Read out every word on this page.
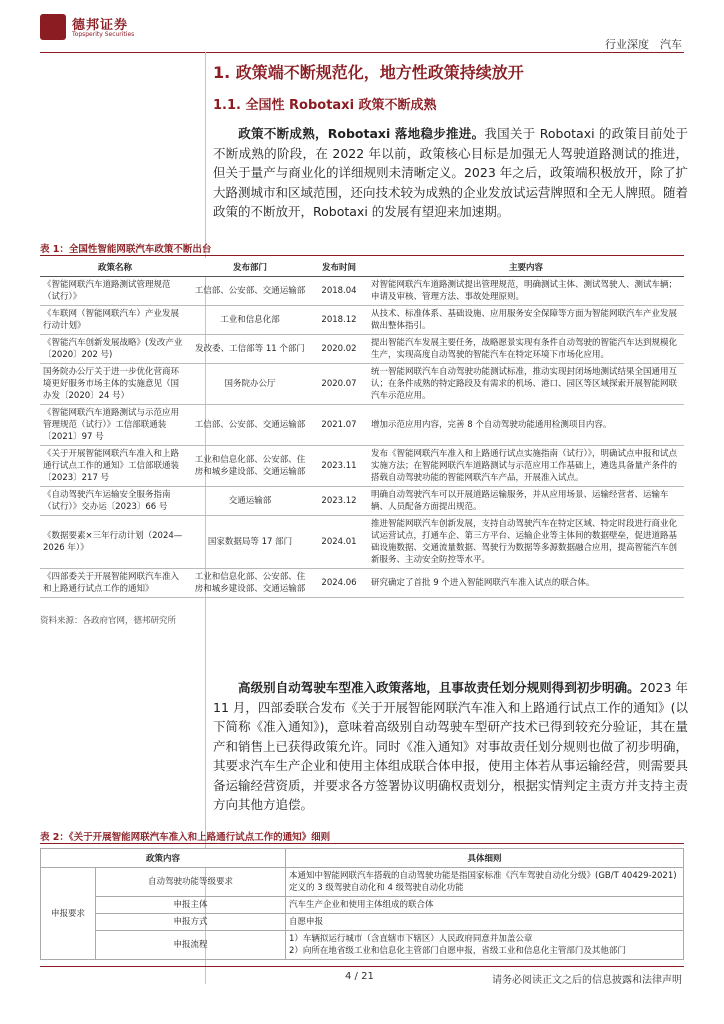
德邦证券
Topsperity Securities
行业深度　汽车
1. 政策端不断规范化，地方性政策持续放开
1.1. 全国性 Robotaxi 政策不断成熟
政策不断成熟，Robotaxi 落地稳步推进。我国关于 Robotaxi 的政策目前处于不断成熟的阶段，在 2022 年以前，政策核心目标是加强无人驾驶道路测试的推进，但关于量产与商业化的详细规则未清晰定义。2023 年之后，政策端积极放开，除了扩大路测城市和区域范围，还向技术较为成熟的企业发放试运营牌照和全无人牌照。随着政策的不断放开，Robotaxi 的发展有望迎来加速期。
表 1：全国性智能网联汽车政策不断出台
政策名称	发布部门	发布时间	主要内容
《智能网联汽车道路测试管理规范（试行）》	工信部、公安部、交通运输部	2018.04	对智能网联汽车道路测试提出管理规范，明确测试主体、测试驾驶人、测试车辆；申请及审核、管理方法、事故处理原则。
《车联网（智能网联汽车）产业发展行动计划》	工业和信息化部	2018.12	从技术、标准体系、基础设施、应用服务安全保障等方面为智能网联汽车产业发展做出整体指引。
《智能汽车创新发展战略》(发改产业〔2020〕202 号)	发改委、工信部等 11 个部门	2020.02	提出智能汽车发展主要任务，战略愿景实现有条件自动驾驶的智能汽车达到规模化生产，实现高度自动驾驶的智能汽车在特定环境下市场化应用。
国务院办公厅关于进一步优化营商环境更好服务市场主体的实施意见（国办发〔2020〕24 号）	国务院办公厅	2020.07	统一智能网联汽车自动驾驶功能测试标准，推动实现封闭场地测试结果全国通用互认；在条件成熟的特定路段及有需求的机场、港口、园区等区域探索开展智能网联汽车示范应用。
《智能网联汽车道路测试与示范应用管理规范（试行）》工信部联通装〔2021〕97 号	工信部、公安部、交通运输部	2021.07	增加示范应用内容，完善 8 个自动驾驶功能通用检测项目内容。
《关于开展智能网联汽车准入和上路通行试点工作的通知》工信部联通装〔2023〕217 号	工业和信息化部、公安部、住房和城乡建设部、交通运输部	2023.11	发布《智能网联汽车准入和上路通行试点实施指南（试行）》，明确试点申报和试点实施方法；在智能网联汽车道路测试与示范应用工作基础上，遴选具备量产条件的搭载自动驾驶功能的智能网联汽车产品，开展准入试点。
《自动驾驶汽车运输安全服务指南（试行）》交办运〔2023〕66 号	交通运输部	2023.12	明确自动驾驶汽车可以开展道路运输服务，并从应用场景、运输经营者、运输车辆、人员配备方面提出规范。
《数据要素×三年行动计划（2024—2026 年）》	国家数据局等 17 部门	2024.01	推进智能网联汽车创新发展，支持自动驾驶汽车在特定区域、特定时段进行商业化试运营试点，打通车企、第三方平台、运输企业等主体间的数据壁垒，促进道路基础设施数据、交通流量数据、驾驶行为数据等多源数据融合应用，提高智能汽车创新服务、主动安全防控等水平。
《四部委关于开展智能网联汽车准入和上路通行试点工作的通知》	工业和信息化部、公安部、住房和城乡建设部、交通运输部	2024.06	研究确定了首批 9 个进入智能网联汽车准入试点的联合体。
资料来源：各政府官网，德邦研究所
高级别自动驾驶车型准入政策落地，且事故责任划分规则得到初步明确。2023 年 11 月，四部委联合发布《关于开展智能网联汽车准入和上路通行试点工作的通知》(以下简称《准入通知》)，意味着高级别自动驾驶车型研产技术已得到较充分验证，其在量产和销售上已获得政策允许。同时《准入通知》对事故责任划分规则也做了初步明确，其要求汽车生产企业和使用主体组成联合体申报，使用主体若从事运输经营，则需要具备运输经营资质，并要求各方签署协议明确权责划分，根据实情判定主责方并支持主责方向其他方追偿。
表 2：《关于开展智能网联汽车准入和上路通行试点工作的通知》细则
政策内容		具体细则
申报要求	自动驾驶功能等级要求	本通知中智能网联汽车搭载的自动驾驶功能是指国家标准《汽车驾驶自动化分级》(GB/T 40429-2021) 定义的 3 级驾驶自动化和 4 级驾驶自动化功能
	申报主体	汽车生产企业和使用主体组成的联合体
	申报方式	自愿申报
	申报流程	1）车辆拟运行城市（含直辖市下辖区）人民政府同意并加盖公章
2）向所在地省级工业和信息化主管部门自愿申报，省级工业和信息化主管部门及其他部门
4 / 21	请务必阅读正文之后的信息披露和法律声明
